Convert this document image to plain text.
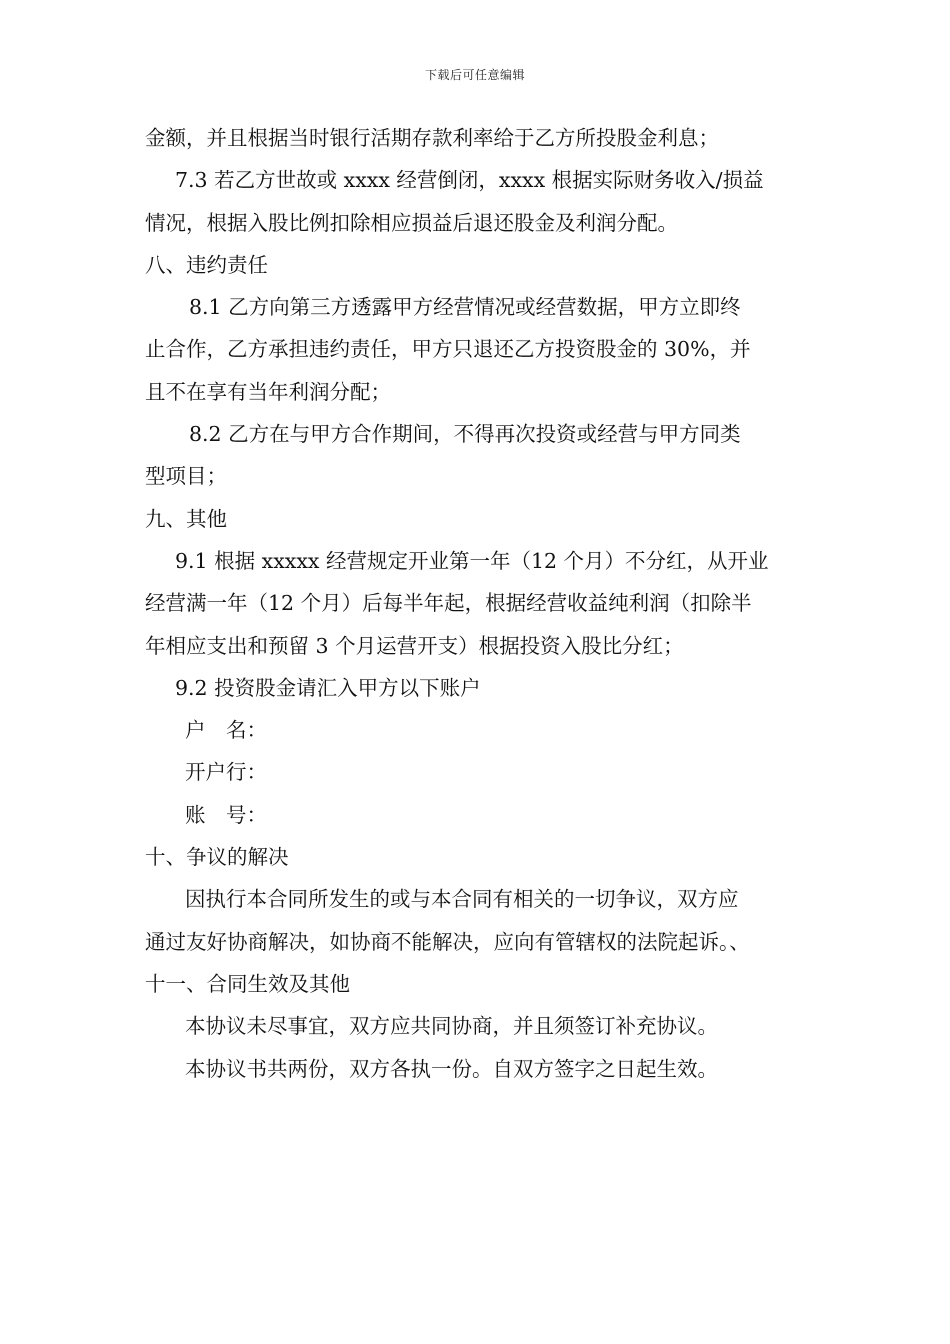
下载后可任意编辑
金额，并且根据当时银行活期存款利率给于乙方所投股金利息；
7.3 若乙方世故或 xxxx 经营倒闭，xxxx 根据实际财务收入/损益
情况，根据入股比例扣除相应损益后退还股金及利润分配。
八、违约责任
8.1 乙方向第三方透露甲方经营情况或经营数据，甲方立即终
止合作，乙方承担违约责任，甲方只退还乙方投资股金的 30%，并
且不在享有当年利润分配；
8.2 乙方在与甲方合作期间，不得再次投资或经营与甲方同类
型项目；
九、其他
9.1 根据 xxxxx 经营规定开业第一年（12 个月）不分红，从开业
经营满一年（12 个月）后每半年起，根据经营收益纯利润（扣除半
年相应支出和预留 3 个月运营开支）根据投资入股比分红；
9.2 投资股金请汇入甲方以下账户
户　名：
开户行：
账　号：
十、争议的解决
因执行本合同所发生的或与本合同有相关的一切争议，双方应
通过友好协商解决，如协商不能解决，应向有管辖权的法院起诉。、
十一、合同生效及其他
本协议未尽事宜，双方应共同协商，并且须签订补充协议。
本协议书共两份，双方各执一份。自双方签字之日起生效。
